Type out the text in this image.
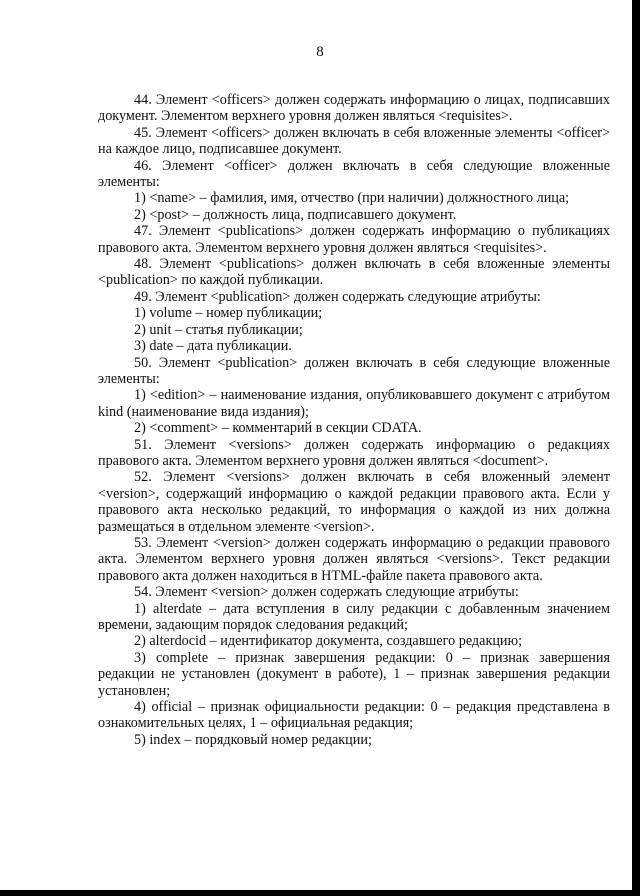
8

44. Элемент <officers> должен содержать информацию о лицах, подписавших документ. Элементом верхнего уровня должен являться <requisites>.

45. Элемент <officers> должен включать в себя вложенные элементы <officer> на каждое лицо, подписавшее документ.

46. Элемент <officer> должен включать в себя следующие вложенные элементы:

1) <name> – фамилия, имя, отчество (при наличии) должностного лица;

2) <post> – должность лица, подписавшего документ.

47. Элемент <publications> должен содержать информацию о публикациях правового акта. Элементом верхнего уровня должен являться <requisites>.

48. Элемент <publications> должен включать в себя вложенные элементы <publication> по каждой публикации.

49. Элемент <publication> должен содержать следующие атрибуты:

1) volume – номер публикации;

2) unit – статья публикации;

3) date – дата публикации.

50. Элемент <publication> должен включать в себя следующие вложенные элементы:

1) <edition> – наименование издания, опубликовавшего документ с атрибутом kind (наименование вида издания);

2) <comment> – комментарий в секции CDATA.

51. Элемент <versions> должен содержать информацию о редакциях правового акта. Элементом верхнего уровня должен являться <document>.

52. Элемент <versions> должен включать в себя вложенный элемент <version>, содержащий информацию о каждой редакции правового акта. Если у правового акта несколько редакций, то информация о каждой из них должна размещаться в отдельном элементе <version>.

53. Элемент <version> должен содержать информацию о редакции правового акта. Элементом верхнего уровня должен являться <versions>. Текст редакции правового акта должен находиться в HTML-файле пакета правового акта.

54. Элемент <version> должен содержать следующие атрибуты:

1) alterdate – дата вступления в силу редакции с добавленным значением времени, задающим порядок следования редакций;

2) alterdocid – идентификатор документа, создавшего редакцию;

3) complete – признак завершения редакции: 0 – признак завершения редакции не установлен (документ в работе), 1 – признак завершения редакции установлен;

4) official – признак официальности редакции: 0 – редакция представлена в ознакомительных целях, 1 – официальная редакция;

5) index – порядковый номер редакции;
